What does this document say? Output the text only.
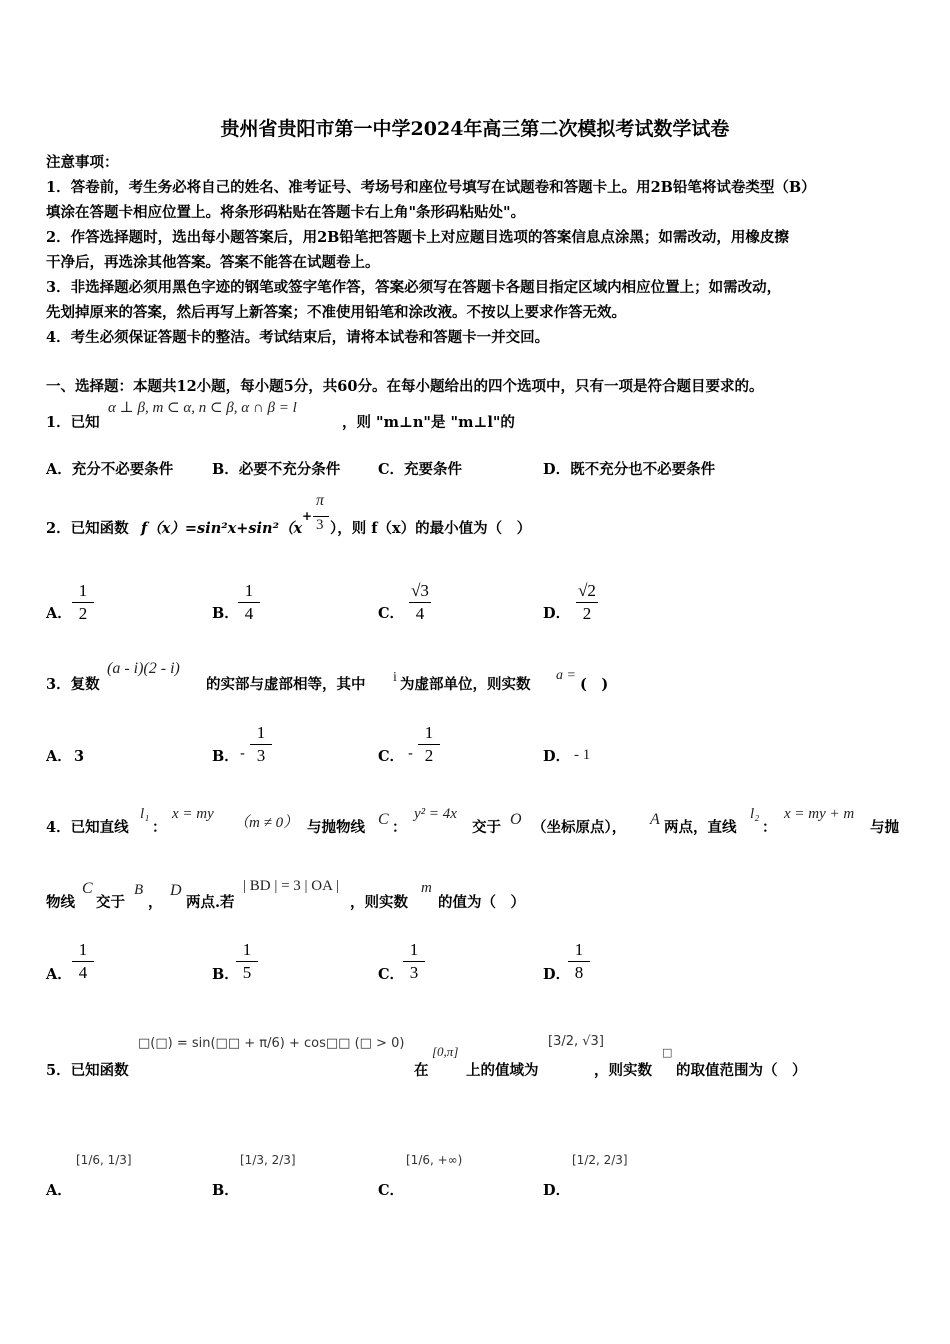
贵州省贵阳市第一中学2024年高三第二次模拟考试数学试卷
注意事项：
1．答卷前，考生务必将自己的姓名、准考证号、考场号和座位号填写在试题卷和答题卡上。用2B铅笔将试卷类型（B）
填涂在答题卡相应位置上。将条形码粘贴在答题卡右上角"条形码粘贴处"。
2．作答选择题时，选出每小题答案后，用2B铅笔把答题卡上对应题目选项的答案信息点涂黑；如需改动，用橡皮擦
干净后，再选涂其他答案。答案不能答在试题卷上。
3．非选择题必须用黑色字迹的钢笔或签字笔作答，答案必须写在答题卡各题目指定区域内相应位置上；如需改动，
先划掉原来的答案，然后再写上新答案；不准使用铅笔和涂改液。不按以上要求作答无效。
4．考生必须保证答题卡的整洁。考试结束后，请将本试卷和答题卡一并交回。
一、选择题：本题共12小题，每小题5分，共60分。在每小题给出的四个选项中，只有一项是符合题目要求的。
1．已知
α ⊥ β, m ⊂ α, n ⊂ β, α ∩ β = l
，则 "m⊥n"是 "m⊥l"的
A．充分不必要条件	B．必要不充分条件	C．充要条件	D．既不充分也不必要条件
2．已知函数 f（x）=sin²x+sin²（x
+
π
3 ），则 f（x）的最小值为（　）
A．
1
2	B．
1
4	C．
√3
4	D．
√2
2
3．复数
(a - i)(2 - i)
的实部与虚部相等，其中 i 为虚部单位，则实数
a =
(　)
A． 3	B． -
1
3	C． -
1
2	D． - 1
4．已知直线
l₁
：
x = my
（m ≠ 0） 与抛物线 C ：
y² = 4x
交于 O （坐标原点）， A 两点，直线
l₂
：
x = my + m
与抛
物线
C
交于
B
，
D
两点.若
| BD | = 3 | OA |
，则实数
m
的值为（　）
A．
1
4	B．
1
5	C．
1
3	D．
1
8
□(□) = sin(□□ + π/6) + cos□□ (□ > 0)
5．已知函数	在
[0,π]
上的值域为
[3/2, √3]
，则实数
□
的取值范围为（　）
A．
[1/6, 1/3]
B．
[1/3, 2/3]
C．
[1/6, +∞)
D．
[1/2, 2/3]
